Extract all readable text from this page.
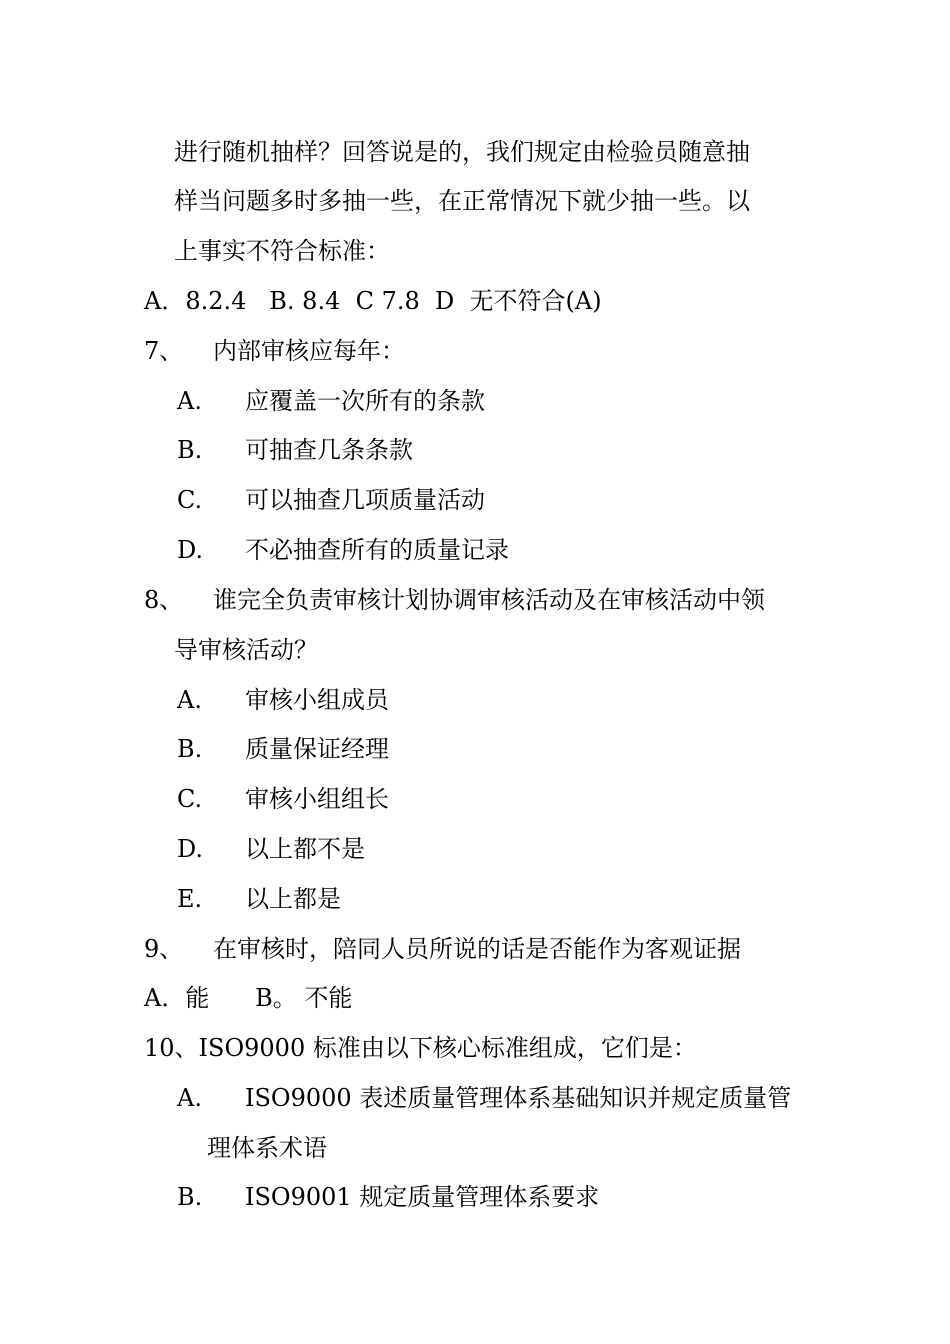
进行随机抽样？回答说是的，我们规定由检验员随意抽
样当问题多时多抽一些，在正常情况下就少抽一些。以
上事实不符合标准：
A．8.2.4   B. 8.4  C 7.8  D  无不符合(A)
7、 内部审核应每年：
A. 应覆盖一次所有的条款
B. 可抽查几条条款
C. 可以抽查几项质量活动
D. 不必抽查所有的质量记录
8、 谁完全负责审核计划协调审核活动及在审核活动中领
导审核活动？
A. 审核小组成员
B. 质量保证经理
C. 审核小组组长
D. 以上都不是
E. 以上都是
9、 在审核时，陪同人员所说的话是否能作为客观证据
A．能      B。 不能
10、ISO9000 标准由以下核心标准组成，它们是：
A. ISO9000 表述质量管理体系基础知识并规定质量管
理体系术语
B. ISO9001 规定质量管理体系要求
